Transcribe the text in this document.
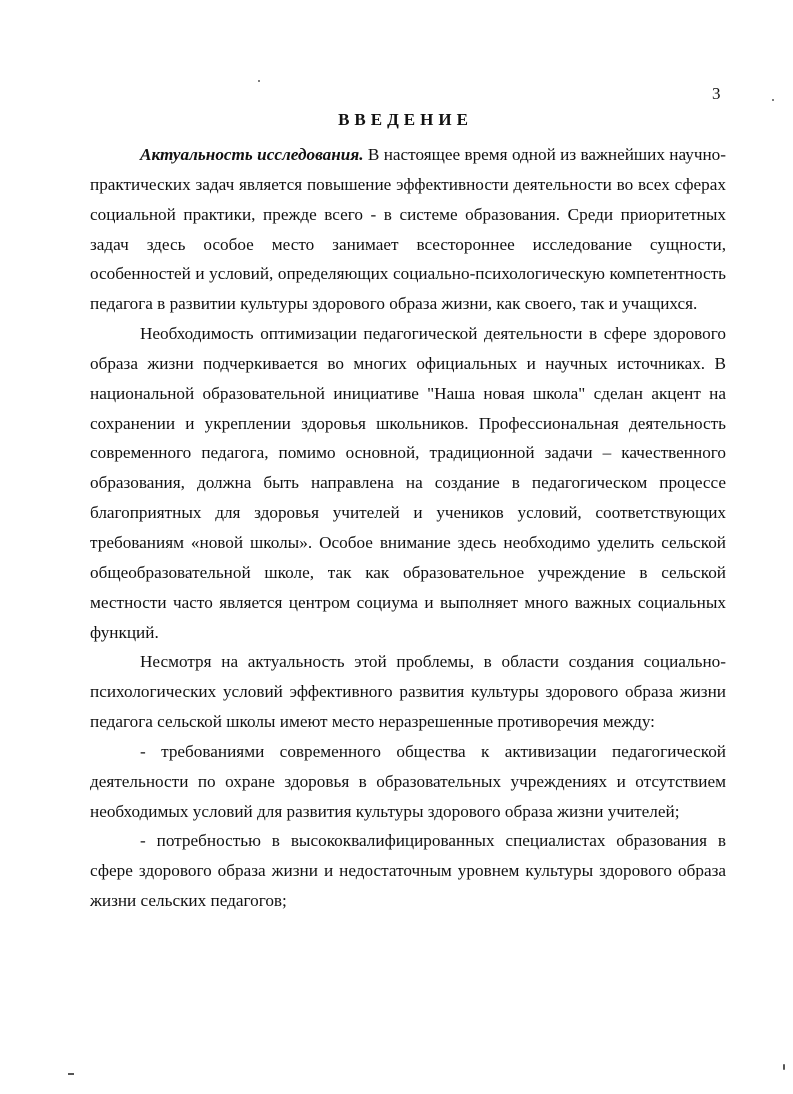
3
ВВЕДЕНИЕ

Актуальность исследования. В настоящее время одной из важнейших научно-практических задач является повышение эффективности деятельности во всех сферах социальной практики, прежде всего - в системе образования. Среди приоритетных задач здесь особое место занимает всестороннее исследование сущности, особенностей и условий, определяющих социально-психологическую компетентность педагога в развитии культуры здорового образа жизни, как своего, так и учащихся.

Необходимость оптимизации педагогической деятельности в сфере здорового образа жизни подчеркивается во многих официальных и научных источниках. В национальной образовательной инициативе "Наша новая школа" сделан акцент на сохранении и укреплении здоровья школьников. Профессиональная деятельность современного педагога, помимо основной, традиционной задачи – качественного образования, должна быть направлена на создание в педагогическом процессе благоприятных для здоровья учителей и учеников условий, соответствующих требованиям «новой школы». Особое внимание здесь необходимо уделить сельской общеобразовательной школе, так как образовательное учреждение в сельской местности часто является центром социума и выполняет много важных социальных функций.

Несмотря на актуальность этой проблемы, в области создания социально-психологических условий эффективного развития культуры здорового образа жизни педагога сельской школы имеют место неразрешенные противоречия между:

- требованиями современного общества к активизации педагогической деятельности по охране здоровья в образовательных учреждениях и отсутствием необходимых условий для развития культуры здорового образа жизни учителей;

- потребностью в высококвалифицированных специалистах образования в сфере здорового образа жизни и недостаточным уровнем культуры здорового образа жизни сельских педагогов;
